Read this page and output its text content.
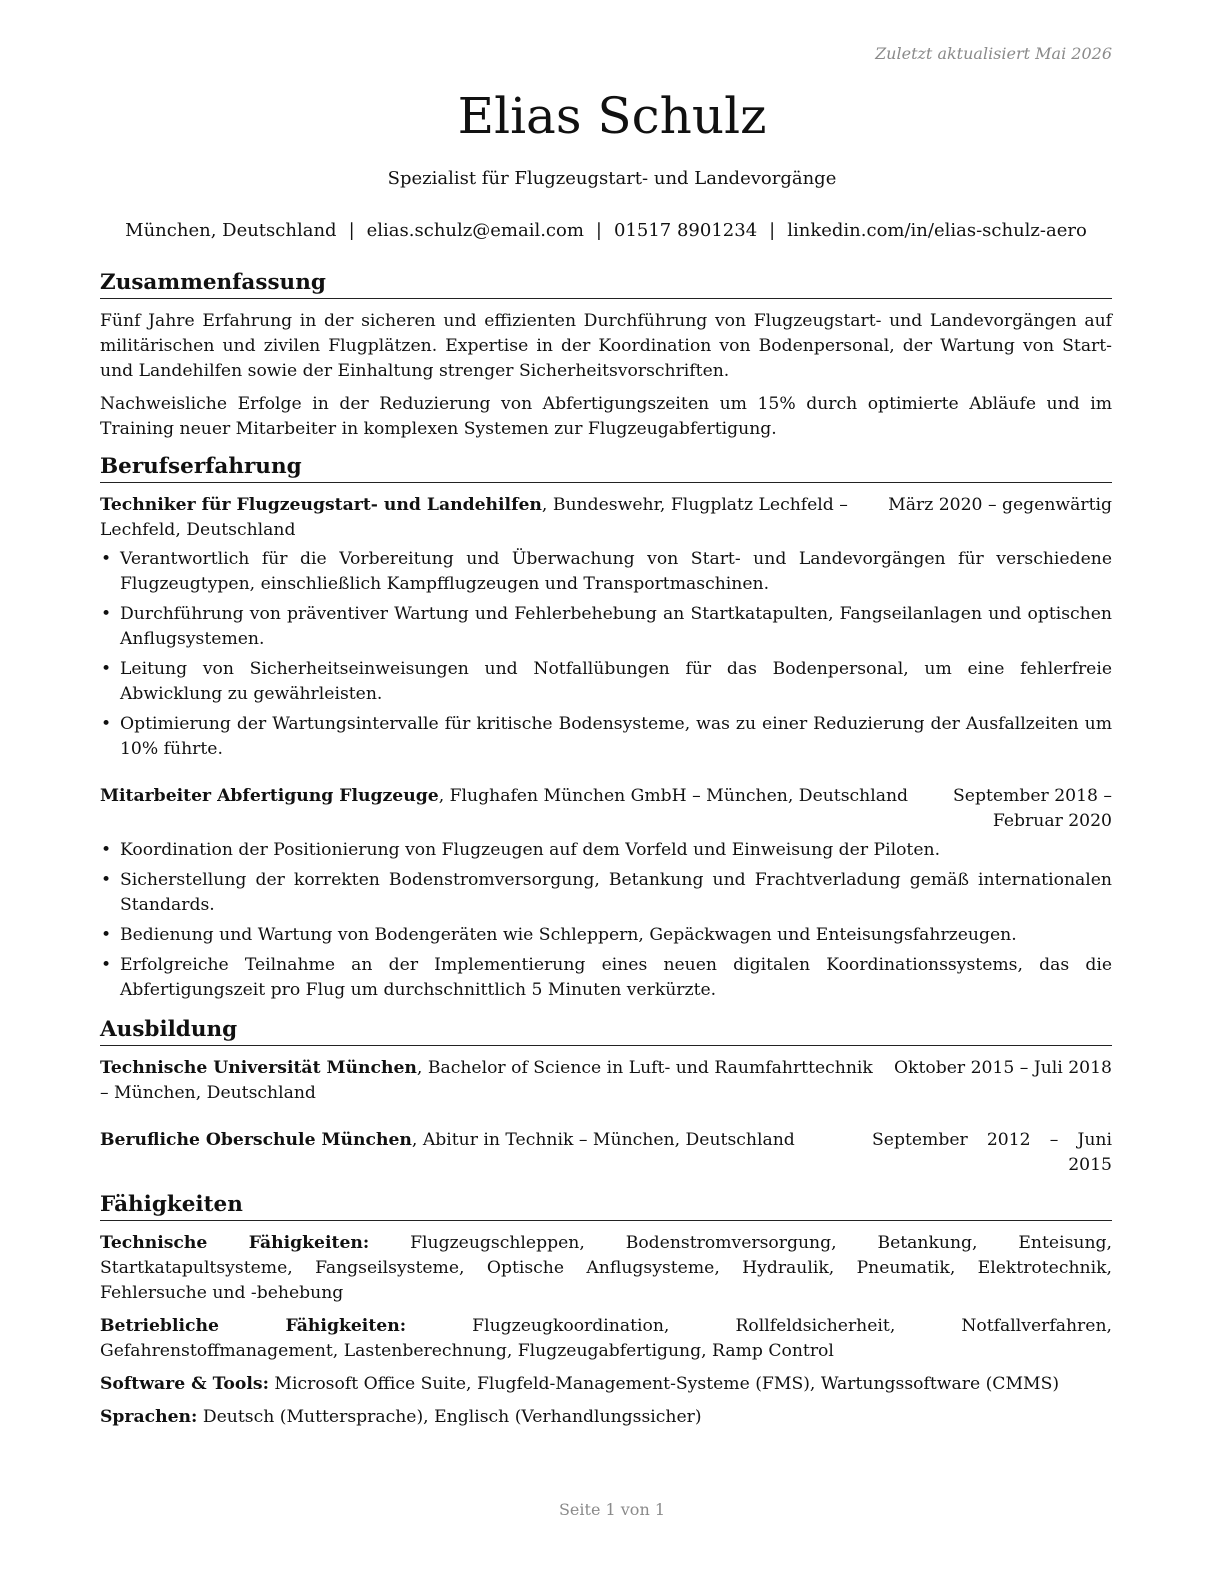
Zuletzt aktualisiert Mai 2026
Elias Schulz
Spezialist für Flugzeugstart- und Landevorgänge
München, Deutschland | elias.schulz@email.com | 01517 8901234 | linkedin.com/in/elias-schulz-aero
Zusammenfassung

Fünf Jahre Erfahrung in der sicheren und effizienten Durchführung von Flugzeugstart- und Landevorgängen auf militärischen und zivilen Flugplätzen. Expertise in der Koordination von Bodenpersonal, der Wartung von Start- und Landehilfen sowie der Einhaltung strenger Sicherheitsvorschriften.

Nachweisliche Erfolge in der Reduzierung von Abfertigungszeiten um 15% durch optimierte Abläufe und im Training neuer Mitarbeiter in komplexen Systemen zur Flugzeugabfertigung.

Berufserfahrung
Techniker für Flugzeugstart- und Landehilfen, Bundeswehr, Flugplatz Lechfeld – Lechfeld, Deutschland
März 2020 – gegenwärtig
• Verantwortlich für die Vorbereitung und Überwachung von Start- und Landevorgängen für verschiedene Flugzeugtypen, einschließlich Kampfflugzeugen und Transportmaschinen.
• Durchführung von präventiver Wartung und Fehlerbehebung an Startkatapulten, Fangseilanlagen und optischen Anflugsystemen.
• Leitung von Sicherheitseinweisungen und Notfallübungen für das Bodenpersonal, um eine fehlerfreie Abwicklung zu gewährleisten.
• Optimierung der Wartungsintervalle für kritische Bodensysteme, was zu einer Reduzierung der Ausfallzeiten um 10% führte.
Mitarbeiter Abfertigung Flugzeuge, Flughafen München GmbH – München, Deutschland	September 2018 – Februar 2020
• Koordination der Positionierung von Flugzeugen auf dem Vorfeld und Einweisung der Piloten.
• Sicherstellung der korrekten Bodenstromversorgung, Betankung und Frachtverladung gemäß internationalen Standards.
• Bedienung und Wartung von Bodengeräten wie Schleppern, Gepäckwagen und Enteisungsfahrzeugen.
• Erfolgreiche Teilnahme an der Implementierung eines neuen digitalen Koordinationssystems, das die Abfertigungszeit pro Flug um durchschnittlich 5 Minuten verkürzte.
Ausbildung
Technische Universität München, Bachelor of Science in Luft- und Raumfahrttechnik – München, Deutschland
Oktober 2015 – Juli 2018
Berufliche Oberschule München, Abitur in Technik – München, Deutschland	September 2012 – Juni 2015
Fähigkeiten

Technische Fähigkeiten: Flugzeugschleppen, Bodenstromversorgung, Betankung, Enteisung, Startkatapultsysteme, Fangseilsysteme, Optische Anflugsysteme, Hydraulik, Pneumatik, Elektrotechnik, Fehlersuche und -behebung

Betriebliche Fähigkeiten: Flugzeugkoordination, Rollfeldsicherheit, Notfallverfahren, Gefahrenstoffmanagement, Lastenberechnung, Flugzeugabfertigung, Ramp Control

Software & Tools: Microsoft Office Suite, Flugfeld-Management-Systeme (FMS), Wartungssoftware (CMMS)

Sprachen: Deutsch (Muttersprache), Englisch (Verhandlungssicher)

Seite 1 von 1
